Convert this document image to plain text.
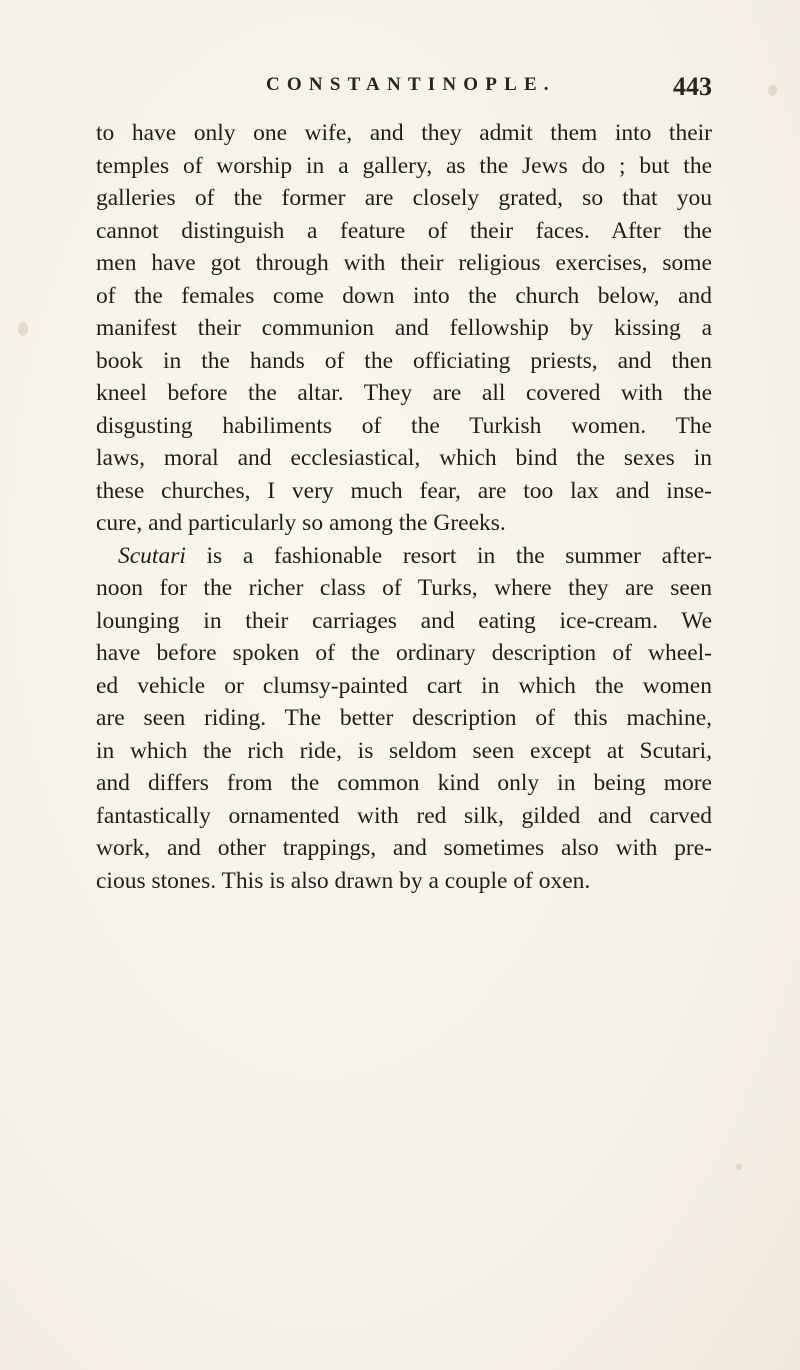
CONSTANTINOPLE.	443
to have only one wife, and they admit them into their
temples of worship in a gallery, as the Jews do ; but the
galleries of the former are closely grated, so that you
cannot distinguish a feature of their faces. After the
men have got through with their religious exercises, some
of the females come down into the church below, and
manifest their communion and fellowship by kissing a
book in the hands of the officiating priests, and then
kneel before the altar. They are all covered with the
disgusting habiliments of the Turkish women. The
laws, moral and ecclesiastical, which bind the sexes in
these churches, I very much fear, are too lax and inse-
cure, and particularly so among the Greeks.
Scutari is a fashionable resort in the summer after-
noon for the richer class of Turks, where they are seen
lounging in their carriages and eating ice-cream. We
have before spoken of the ordinary description of wheel-
ed vehicle or clumsy-painted cart in which the women
are seen riding. The better description of this machine,
in which the rich ride, is seldom seen except at Scutari,
and differs from the common kind only in being more
fantastically ornamented with red silk, gilded and carved
work, and other trappings, and sometimes also with pre-
cious stones. This is also drawn by a couple of oxen.
